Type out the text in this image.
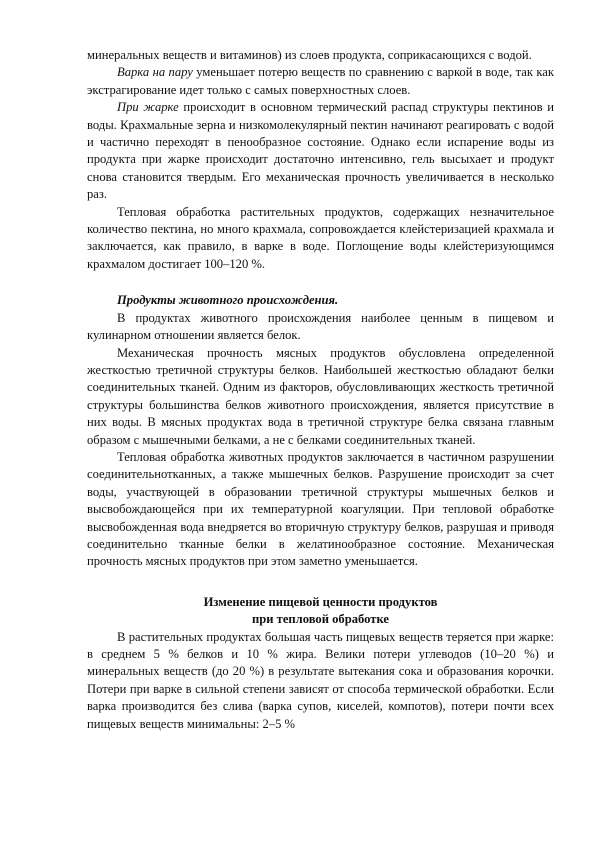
минеральных веществ и витаминов) из слоев продукта, соприкасающихся с водой.

Варка на пару уменьшает потерю веществ по сравнению с варкой в воде, так как экстрагирование идет только с самых поверхностных слоев.

При жарке происходит в основном термический распад структуры пектинов и воды. Крахмальные зерна и низкомолекулярный пектин начинают реагировать с водой и частично переходят в пенообразное состояние. Однако если испарение воды из продукта при жарке происходит достаточно интенсивно, гель высыхает и продукт снова становится твердым. Его механическая прочность увеличивается в несколько раз.

Тепловая обработка растительных продуктов, содержащих незначительное количество пектина, но много крахмала, сопровождается клейстеризацией крахмала и заключается, как правило, в варке в воде. Поглощение воды клейстеризующимся крахмалом достигает 100–120 %.

Продукты животного происхождения.

В продуктах животного происхождения наиболее ценным в пищевом и кулинарном отношении является белок.

Механическая прочность мясных продуктов обусловлена определенной жесткостью третичной структуры белков. Наибольшей жесткостью обладают белки соединительных тканей. Одним из факторов, обусловливающих жесткость третичной структуры большинства белков животного происхождения, является присутствие в них воды. В мясных продуктах вода в третичной структуре белка связана главным образом с мышечными белками, а не с белками соединительных тканей.

Тепловая обработка животных продуктов заключается в частичном разрушении соединительнотканных, а также мышечных белков. Разрушение происходит за счет воды, участвующей в образовании третичной структуры мышечных белков и высвобождающейся при их температурной коагуляции. При тепловой обработке высвобожденная вода внедряется во вторичную структуру белков, разрушая и приводя соединительно тканные белки в желатинообразное состояние. Механическая прочность мясных продуктов при этом заметно уменьшается.

Изменение пищевой ценности продуктов

при тепловой обработке

В растительных продуктах большая часть пищевых веществ теряется при жарке: в среднем 5 % белков и 10 % жира. Велики потери углеводов (10–20 %) и минеральных веществ (до 20 %) в результате вытекания сока и образования корочки. Потери при варке в сильной степени зависят от способа термической обработки. Если варка производится без слива (варка супов, киселей, компотов), потери почти всех пищевых веществ минимальны: 2–5 %
